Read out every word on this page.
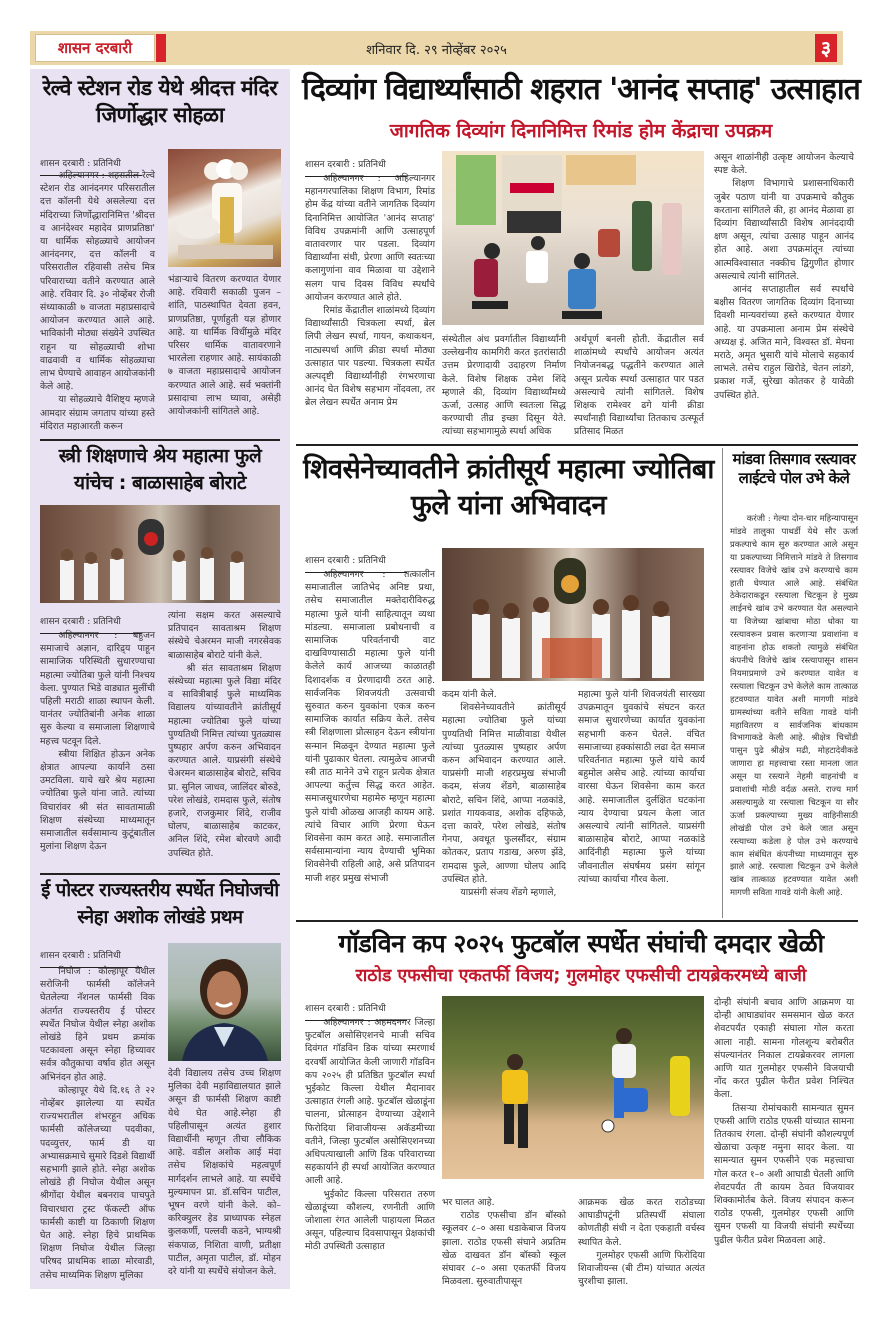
शासन दरबारी	शनिवार दि. २९ नोव्हेंबर २०२५	३
रेल्वे स्टेशन रोड येथे श्रीदत्त मंदिर जिर्णोद्धार सोहळा
शासन दरबारी : प्रतिनिधी

अहिल्यानगर : शहरातील रेल्वे स्टेशन रोड आनंदनगर परिसरातील दत्त कॉलनी येथे असलेल्या दत्त मंदिराच्या जिर्णोद्धारानिमित्त 'श्रीदत्त व आनंदेश्वर महादेव प्राणप्रतिष्ठा' या धार्मिक सोहळ्याचे आयोजन आनंदनगर, दत्त कॉलनी व परिसरातील रहिवासी तसेच मित्र परिवाराच्या वतीने करण्यात आले आहे. रविवार दि. ३० नोव्हेंबर रोजी संध्याकाळी ७ वाजता महाप्रसादाचे आयोजन करण्यात आले आहे. भाविकांनी मोठ्या संख्येने उपस्थित राहून या सोहळ्याची शोभा वाढवावी व धार्मिक सोहळ्याचा लाभ घेण्याचे आवाहन आयोजकांनी केले आहे.

या सोहळ्याचे वैशिष्ट्य म्हणजे आमदार संग्राम जगताप यांच्या हस्ते मंदिरात महाआरती करून

भंडाऱ्याचे वितरण करण्यात येणार आहे. रविवारी सकाळी पुजन – शांति, पाठस्थापित देवता हवन, प्राणप्रतिष्ठा, पूर्णाहुती यज्ञ होणार आहे. या धार्मिक विधींमुळे मंदिर परिसर धार्मिक वातावरणाने भारलेला राहणार आहे. सायंकाळी ७ वाजता महाप्रसादाचे आयोजन करण्यात आले आहे. सर्व भक्तांनी प्रसादाचा लाभ घ्यावा, असेही आयोजकांनी सांगितले आहे.

स्त्री शिक्षणाचे श्रेय महात्मा फुले यांचेच : बाळासाहेब बोराटे
शासन दरबारी : प्रतिनिधी

अहिल्यानगर : बहुजन समाजाचे अज्ञान, दारिद्र्य पाहून सामाजिक परिस्थिती सुधारण्याचा महात्मा ज्योतिबा फुले यांनी निश्चय केला. पुण्यात भिडे वाड्यात मुलींची पहिली मराठी शाळा स्थापन केली. यानंतर ज्योतिबांनी अनेक शाळा सुरु केल्या व समाजाला शिक्षणाचे महत्त्व पटवून दिले.

स्त्रीया शिक्षित होऊन अनेक क्षेत्रात आपल्या कार्याने ठसा उमटविला. याचे खरे श्रेय महात्मा ज्योतिबा फुले यांना जाते. त्यांच्या विचारांवर श्री संत सावतामाळी शिक्षण संस्थेच्या माध्यमातून समाजातील सर्वसामान्य कुटूंबातील मुलांना शिक्षण देऊन

त्यांना सक्षम करत असल्याचे प्रतिपादन सावताश्रम शिक्षण संस्थेचे चेअरमन माजी नगरसेवक बाळासाहेब बोराटे यांनी केले.

श्री संत सावताश्रम शिक्षण संस्थेच्या महात्मा फुले विद्या मंदिर व सावित्रीबाई फुले माध्यमिक विद्यालय यांच्यावतीने क्रांतीसूर्य महात्मा ज्योतिबा फुले यांच्या पुण्यतिथी निमित्त त्यांच्या पुतळ्यास पुष्पहार अर्पण करुन अभिवादन करण्यात आले. याप्रसंगी संस्थेचे चेअरमन बाळासाहेब बोराटे, सचिव प्रा. सुनिल जाधव, जालिंदर बोरुडे, परेश लोखंडे, रामदास फुले, संतोष हजारे, राजकुमार शिंदे, राजीव घोलप, बाळासाहेब काटकर, अनिल शिंदे, रमेश बोरवणे आदी उपस्थित होते.

ई पोस्टर राज्यस्तरीय स्पर्धेत निघोजची स्नेहा अशोक लोखंडे प्रथम
शासन दरबारी : प्रतिनिधी

निघोज : कोल्हापूर येथील सरोजिनी फार्मसी कॉलेजने घेतलेल्या नॅशनल फार्मसी विक अंतर्गत राज्यस्तरीय ई पोस्टर स्पर्धेत निघोज येथील स्नेहा अशोक लोखंडे हिने प्रथम क्रमांक पटकावला असून स्नेहा हिच्यावर सर्वत्र कौतुकाचा वर्षाव होत असून अभिनंदन होत आहे.

कोल्हापूर येथे दि.१६ ते २२ नोव्हेंबर झालेल्या या स्पर्धेत राज्यभरातील शंभरहून अधिक फार्मसी कॉलेजच्या पदवीका, पदव्युत्तर, फार्म डी या अभ्यासक्रमाचे सुमारे दिडशे विद्यार्थी सहभागी झाले होते. स्नेहा अशोक लोखंडे ही निघोज येथील असून श्रीगोंदा येथील बबनराव पाचपुते विचारधारा ट्रस्ट फॅकल्टी ऑफ फार्मसी काष्टी या ठिकाणी शिक्षण घेत आहे. स्नेहा हिचे प्राथमिक शिक्षण निघोज येथील जिल्हा परिषद प्राथमिक शाळा मोरवाडी, तसेच माध्यमिक शिक्षण मुलिका

देवी विद्यालय तसेच उच्च शिक्षण मुलिका देवी महाविद्यालयात झाले असून डी फार्मसी शिक्षण काष्टी येथे घेत आहे.स्नेहा ही पहिलीपासून अत्यंत हुशार विद्यार्थीनी म्हणून तीचा लौकिक आहे. वडील अशोक आई मंदा तसेच शिक्षकांचे महत्वपूर्ण मार्गदर्शन लाभले आहे. या स्पर्धेचे मुल्यमापन प्रा. डॉ.सचिन पाटील, भूषन वरणे यांनी केले. को– करिक्युलर हेड प्राध्यापक स्नेहल कुलकर्णी, पल्लवी कडने, भाग्यश्री संकपाळ, निशिता वाणी, प्रतीक्षा पाटील, अमृता पाटील, डॉ. मोहन दरे यांनी या स्पर्धेचे संयोजन केले.

दिव्यांग विद्यार्थ्यांसाठी शहरात 'आनंद सप्ताह' उत्साहात
जागतिक दिव्यांग दिनानिमित्त रिमांड होम केंद्राचा उपक्रम
शासन दरबारी : प्रतिनिधी

अहिल्यानगर : अहिल्यानगर महानगरपालिका शिक्षण विभाग, रिमांड होम केंद्र यांच्या वतीने जागतिक दिव्यांग दिनानिमित्त आयोजित 'आनंद सप्ताह' विविध उपक्रमांनी आणि उत्साहपूर्ण वातावरणार पार पडला. दिव्यांग विद्यार्थ्यांना संधी, प्रेरणा आणि स्वतःच्या कलागुणांना वाव मिळावा या उद्देशाने सलग पाच दिवस विविध स्पर्धांचे आयोजन करण्यात आले होते.

रिमांड केंद्रातील शाळांमध्ये दिव्यांग विद्यार्थ्यांसाठी चित्रकला स्पर्धा, ब्रेल लिपी लेखन स्पर्धा, गायन, कथाकथन, नाट्यस्पर्धा आणि क्रीडा स्पर्धा मोठ्या उत्साहात पार पडल्या. चित्रकला स्पर्धेत अल्पदृष्टी विद्यार्थ्यांनीही रंगभरणाचा आनंद घेत विशेष सहभाग नोंदवला, तर ब्रेल लेखन स्पर्धेत अनाम प्रेम

संस्थेतील अंध प्रवर्गातील विद्यार्थ्यांनी उल्लेखनीय कामगिरी करत इतरांसाठी उत्तम प्रेरणादायी उदाहरण निर्माण केले. विशेष शिक्षक उमेश शिंदे म्हणाले की, दिव्यांग विद्यार्थ्यांमध्ये ऊर्जा, उत्साह आणि स्वतःला सिद्ध करण्याची तीव्र इच्छा दिसून येते. त्यांच्या सहभागामुळे स्पर्धा अधिक

अर्थपूर्ण बनली होती. केंद्रातील सर्व शाळांमध्ये स्पर्धांचे आयोजन अत्यंत नियोजनबद्ध पद्धतीने करण्यात आले असून प्रत्येक स्पर्धा उत्साहात पार पडत असल्याचे त्यांनी सांगितले. विशेष शिक्षक रामेश्वर ढगे यांनी क्रीडा स्पर्धांनाही विद्यार्थ्यांचा तितकाच उत्स्फूर्त प्रतिसाद मिळत

असून शाळांनीही उत्कृष्ट आयोजन केल्याचे स्पष्ट केले.

शिक्षण विभागाचे प्रशासनाधिकारी जुबेर पठाण यांनी या उपक्रमाचे कौतुक करताना सांगितले की, हा आनंद मेळावा हा दिव्यांग विद्यार्थ्यांसाठी विशेष आनंददायी क्षण असून, त्यांचा उत्साह पाहून आनंद होत आहे. अशा उपक्रमांतून त्यांच्या आत्मविश्वासात नक्कीच द्विगुणीत होणार असल्याचे त्यांनी सांगितले.

आनंद सप्ताहातील सर्व स्पर्धांचे बक्षीस वितरण जागतिक दिव्यांग दिनाच्या दिवशी मान्यवरांच्या हस्ते करण्यात येणार आहे. या उपक्रमाला अनाम प्रेम संस्थेचे अध्यक्ष इं. अजित माने, विश्वस्त डॉ. मेघना मराठे, अमृत भुसारी यांचे मोलाचे सहकार्य लाभले. तसेच राहुल खिरोडे, चेतन लांडगे, प्रकाश गर्जे, सुरेखा कोतकर हे यावेळी उपस्थित होते.

शिवसेनेच्यावतीने क्रांतीसूर्य महात्मा ज्योतिबा फुले यांना अभिवादन
शासन दरबारी : प्रतिनिधी

अहिल्यानगर : तत्कालीन समाजातील जातिभेद अनिष्ट प्रथा, तसेच समाजातील मक्तेदारीविरुद्ध महात्मा फुले यांनी साहित्यातून व्यथा मांडल्या. समाजाला प्रबोधनाची व सामाजिक परिवर्तनाची वाट दाखविण्यासाठी महात्मा फुले यांनी केलेले कार्य आजच्या काळातही दिशादर्शक व प्रेरणादायी ठरत आहे. सार्वजनिक शिवजयंती उत्सवाची सुरुवात करुन युवकांना एकत्र करुन सामाजिक कार्यात सक्रिय केले. तसेच स्त्री शिक्षणाला प्रोत्साहन देऊन स्त्रीयांना सन्मान मिळवून देण्यात महात्मा फुले यांनी पुढाकार घेतला. त्यामुळेच आजची स्त्री ताठ मानेने उभे राहून प्रत्येक क्षेत्रात आपल्या कर्तुत्त्व सिद्ध करत आहेत. समाजसुधारणेचा महामेरु म्हणून महात्मा फुले यांची ओळख आजही कायम आहे. त्यांचे विचार आणि प्रेरणा घेऊन शिवसेना काम करत आहे. समाजातील सर्वसामान्यांना न्याय देण्याची भुमिका शिवसेनेची राहिली आहे, असे प्रतिपादन माजी शहर प्रमुख संभाजी

कदम यांनी केले.

शिवसेनेच्यावतीने क्रांतीसूर्य महात्मा ज्योतिबा फुले यांच्या पुण्यतिथी निमित्त माळीवाडा येथील त्यांच्या पुतळ्यास पुष्पहार अर्पण करुन अभिवादन करण्यात आले. याप्रसंगी माजी शहरप्रमुख संभाजी कदम, संजय शेंडगे, बाळासाहेब बोराटे, सचिन शिंदे, आप्पा नळकांडे, प्रशांत गायकवाड, अशोक दहिफळे, दत्ता कावरे, परेश लोखंडे, संतोष गेनपा, अवधूत फुलसौंदर, संग्राम कोतकर, प्रताप गडाख, अरुण झेंडे, रामदास फुले, आण्णा घोलप आदि उपस्थित होते.

याप्रसंगी संजय शेंडगे म्हणाले,

महात्मा फुले यांनी शिवजयंती सारख्या उपक्रमातून युवकांचे संघटन करत समाज सुधारणेच्या कार्यात युवकांना सहभागी करुन घेतले. वंचित समाजाच्या हक्कांसाठी लढा देत समाज परिवर्तनात महात्मा फुले यांचे कार्य बहुमोल असेच आहे. त्यांच्या कार्याचा वारसा घेऊन शिवसेना काम करत आहे. समाजातील दुर्लक्षित घटकांना न्याय देण्याचा प्रयत्न केला जात असल्याचे त्यांनी सांगितले. याप्रसंगी बाळासाहेब बोराटे, आप्पा नळकांडे आदिंनीही महात्मा फुले यांच्या जीवनातील संघर्षमय प्रसंग सांगून त्यांच्या कार्याचा गौरव केला.

मांडवा तिसगाव रस्त्यावर लाईटचे पोल उभे केले

करंजी : गेल्या दोन-चार महिन्यापासून मांडवे तालुका पाथर्डी येथे सौर ऊर्जा प्रकल्पाचे काम सुरु करण्यात आले असून या प्रकल्पाच्या निमित्ताने मांडवे ते तिसगाव रस्त्यावर विजेचे खांब उभे करण्याचे काम हाती घेण्यात आले आहे. संबंधित ठेकेदाराकडून रस्त्याला चिटकून हे मुख्य लाईनचे खांब उभे करण्यात येत असल्याने या विजेच्या खांबाचा मोठा धोका या रस्त्यावरून प्रवास करणाऱ्या प्रवाशांना व वाहनांना होऊ शकतो त्यामुळे संबंधित कंपनीचे विजेचे खांब रस्त्यापासून शासन नियमाप्रमाणे उभे करण्यात यावेत व रस्त्याला चिटकून उभे केलेले काम तात्काळ हटवण्यात यावेत अशी मागणी मांडवे ग्रामस्थांच्या वतीने सविता गावडे यांनी महावितरण व सार्वजनिक बांधकाम विभागाकडे केली आहे. श्रीक्षेत्र चिचोंडी पासुन पुढे श्रीक्षेत्र मढी, मोहटादेवीकडे जाणारा हा महत्त्वाचा रस्ता मानला जात असून या रस्त्याने नेहमी वाहनांची व प्रवाशांची मोठी वर्दळ असते. राज्य मार्ग असल्यामुळे या रस्त्याला चिटकून या सौर ऊर्जा प्रकल्पाच्या मुख्य वाहिनीसाठी लोखंडी पोल उभे केले जात असून रस्त्याच्या कडेला हे पोल उभे करण्याचे काम संबंधित कंपनीच्या माध्यमातून सुरु झाले आहे. रस्त्याला चिटकून उभे केलेले खांब तात्काळ हटवण्यात यावेत अशी मागणी सविता गावडे यांनी केली आहे.

गॉडविन कप २०२५ फुटबॉल स्पर्धेत संघांची दमदार खेळी
राठोड एफसीचा एकतर्फी विजय; गुलमोहर एफसीची टायब्रेकरमध्ये बाजी
शासन दरबारी : प्रतिनिधी

अहिल्यानगर : अहमदनगर जिल्हा फुटबॉल असोसिएशनचे माजी सचिव दिवंगत गॉडविन डिक यांच्या स्मरणार्थ दरवर्षी आयोजित केली जाणारी गॉडविन कप २०२५ ही प्रतिष्ठित फुटबॉल स्पर्धा भुईकोट किल्ला येथील मैदानावर उत्साहात रंगली आहे. फुटबॉल खेळाडूंना चालना, प्रोत्साहन देण्याच्या उद्देशाने फिरोदिया शिवाजीयन्स अकॅडमीच्या वतीने, जिल्हा फुटबॉल असोसिएशनच्या अधिपत्याखाली आणि डिक परिवाराच्या सहकार्याने ही स्पर्धा आयोजित करण्यात आली आहे.

भुईकोट किल्ला परिसरात तरुण खेळाडूंच्या कौशल्य, रणनीती आणि जोशाला रंगत आलेली पाहायला मिळत असून, पहिल्याच दिवसापासून प्रेक्षकांची मोठी उपस्थिती उत्साहात

भर घालत आहे.

राठोड एफसीचा डॉन बॉस्को स्कूलवर ८–० असा धडाकेबाज विजय झाला. राठोड एफसी संघाने अप्रतिम खेळ दाखवत डॉन बॉस्को स्कूल संघावर ८–० असा एकतर्फी विजय मिळवला. सुरुवातीपासून

आक्रमक खेळ करत राठोडच्या आघाडीपटूंनी प्रतिस्पर्धी संघाला कोणतीही संधी न देता एकहाती वर्चस्व स्थापित केले.

गुलमोहर एफसी आणि फिरोदिया शिवाजीयन्स (बी टीम) यांच्यात अत्यंत चुरशीचा झाला.

दोन्ही संघांनी बचाव आणि आक्रमण या दोन्ही आघाड्यांवर समसमान खेळ करत शेवटपर्यंत एकाही संघाला गोल करता आला नाही. सामना गोलशून्य बरोबरीत संपल्यानंतर निकाल टायब्रेकरवर लागला आणि यात गुलमोहर एफसीने विजयाची नोंद करत पुढील फेरीत प्रवेश निश्चित केला.

तिसऱ्या रोमांचकारी सामन्यात सुमन एफसी आणि राठोड एफसी यांच्यात सामना तितकाच रंगला. दोन्ही संघांनी कौशल्यपूर्ण खेळाचा उत्कृष्ट नमुना सादर केला. या सामन्यात सुमन एफसीने एक महत्त्वाचा गोल करत १–० अशी आघाडी घेतली आणि शेवटपर्यंत ती कायम ठेवत विजयावर शिक्कामोर्तब केले. विजय संपादन करून राठोड एफसी, गुलमोहर एफसी आणि सुमन एफसी या विजयी संघांनी स्पर्धेच्या पुढील फेरीत प्रवेश मिळवला आहे.
